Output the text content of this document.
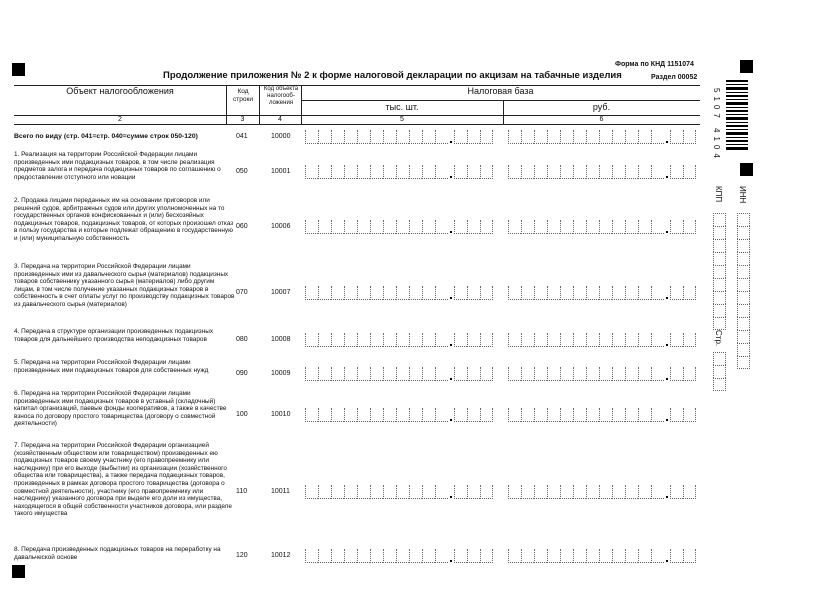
Форма по КНД 1151074
Раздел 00052
Продолжение приложения № 2 к форме налоговой декларации по акцизам на табачные изделия
Объект налогообложения	Код строки
Код объекта налогооб-ложения
Налоговая база
тыс. шт.	руб.
2	3	4	5	6
Всего по виду (стр. 041=стр. 040=сумме строк 050-120)	041	10000
1. Реализация на территории Российской Федерации лицами произведенных ими подакцизных товаров, в том числе реализация предметов залога и передача подакцизных товаров по соглашению о предоставлении отступного или новации
050	10001
2. Продажа лицами переданных им на основании приговоров или решений судов, арбитражных судов или других уполномоченных на то государственных органов конфискованных и (или) бесхозяйных подакцизных товаров, подакцизных товаров, от которых произошел отказ в пользу государства и которые подлежат обращению в государственную и (или) муниципальную собственность
060	10006
3. Передача на территории Российской Федерации лицами произведенных ими из давальческого сырья (материалов) подакцизных товаров собственнику указанного сырья (материалов) либо другим лицам, в том числе получение указанных подакцизных товаров в собственность в счет оплаты услуг по производству подакцизных товаров из давальческого сырья (материалов)
070	10007
4. Передача в структуре организации произведенных подакцизных товаров для дальнейшего производства неподакцизных товаров	080	10008
5. Передача на территории Российской Федерации лицами произведенных ими подакцизных товаров для собственных нужд	090	10009
6. Передача на территории Российской Федерации лицами произведенных ими подакцизных товаров в уставный (складочный) капитал организаций, паевые фонды кооперативов, а также в качестве взноса по договору простого товарищества (договору о совместной деятельности)
100	10010
7. Передача на территории Российской Федерации организацией (хозяйственным обществом или товариществом) произведенных ею подакцизных товаров своему участнику (его правопреемнику или наследнику) при его выходе (выбытии) из организации (хозяйственного общества или товарищества), а также передача подакцизных товаров, произведенных в рамках договора простого товарищества (договора о совместной деятельности), участнику (его правопреемнику или наследнику) указанного договора при выделе его доли из имущества, находящегося в общей собственности участников договора, или разделе такого имущества
110	10011
8. Передача произведенных подакцизных товаров на переработку на давальческой основе	120	10012
5107 4104
ИНН
КПП
Стр.
